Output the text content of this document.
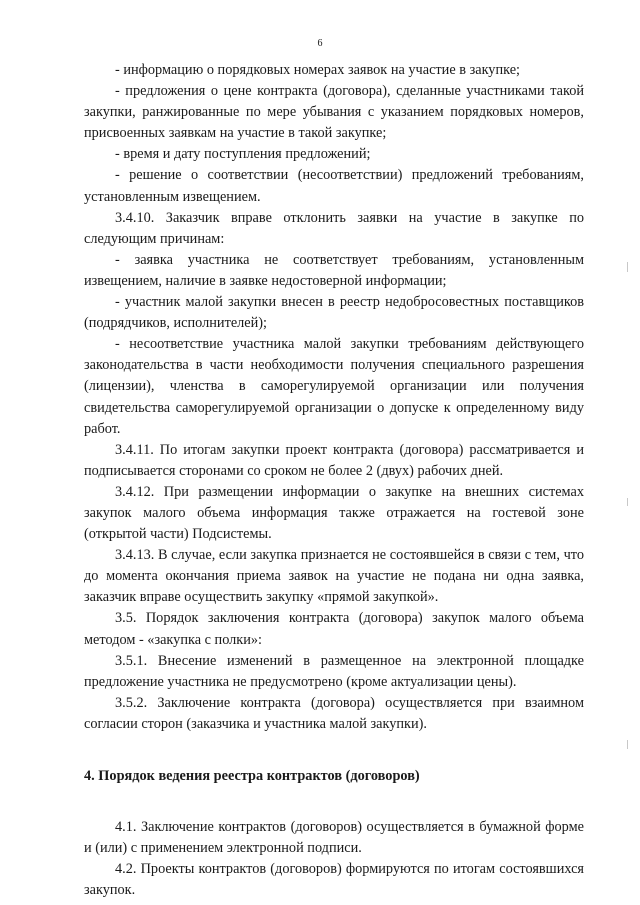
6

- информацию о порядковых номерах заявок на участие в закупке;

- предложения о цене контракта (договора), сделанные участниками такой закупки, ранжированные по мере убывания с указанием порядковых номеров, присвоенных заявкам на участие в такой закупке;

- время и дату поступления предложений;

- решение о соответствии (несоответствии) предложений требованиям, установленным извещением.

3.4.10. Заказчик вправе отклонить заявки на участие в закупке по следующим причинам:

- заявка участника не соответствует требованиям, установленным извещением, наличие в заявке недостоверной информации;

- участник малой закупки внесен в реестр недобросовестных поставщиков (подрядчиков, исполнителей);

- несоответствие участника малой закупки требованиям действующего законодательства в части необходимости получения специального разрешения (лицензии), членства в саморегулируемой организации или получения свидетельства саморегулируемой организации о допуске к определенному виду работ.

3.4.11. По итогам закупки проект контракта (договора) рассматривается и подписывается сторонами со сроком не более 2 (двух) рабочих дней.

3.4.12. При размещении информации о закупке на внешних системах закупок малого объема информация также отражается на гостевой зоне (открытой части) Подсистемы.

3.4.13. В случае, если закупка признается не состоявшейся в связи с тем, что до момента окончания приема заявок на участие не подана ни одна заявка, заказчик вправе осуществить закупку «прямой закупкой».

3.5. Порядок заключения контракта (договора) закупок малого объема методом - «закупка с полки»:

3.5.1. Внесение изменений в размещенное на электронной площадке предложение участника не предусмотрено (кроме актуализации цены).

3.5.2. Заключение контракта (договора) осуществляется при взаимном согласии сторон (заказчика и участника малой закупки).

4. Порядок ведения реестра контрактов (договоров)

4.1. Заключение контрактов (договоров) осуществляется в бумажной форме и (или) с применением электронной подписи.

4.2. Проекты контрактов (договоров) формируются по итогам состоявшихся закупок.
